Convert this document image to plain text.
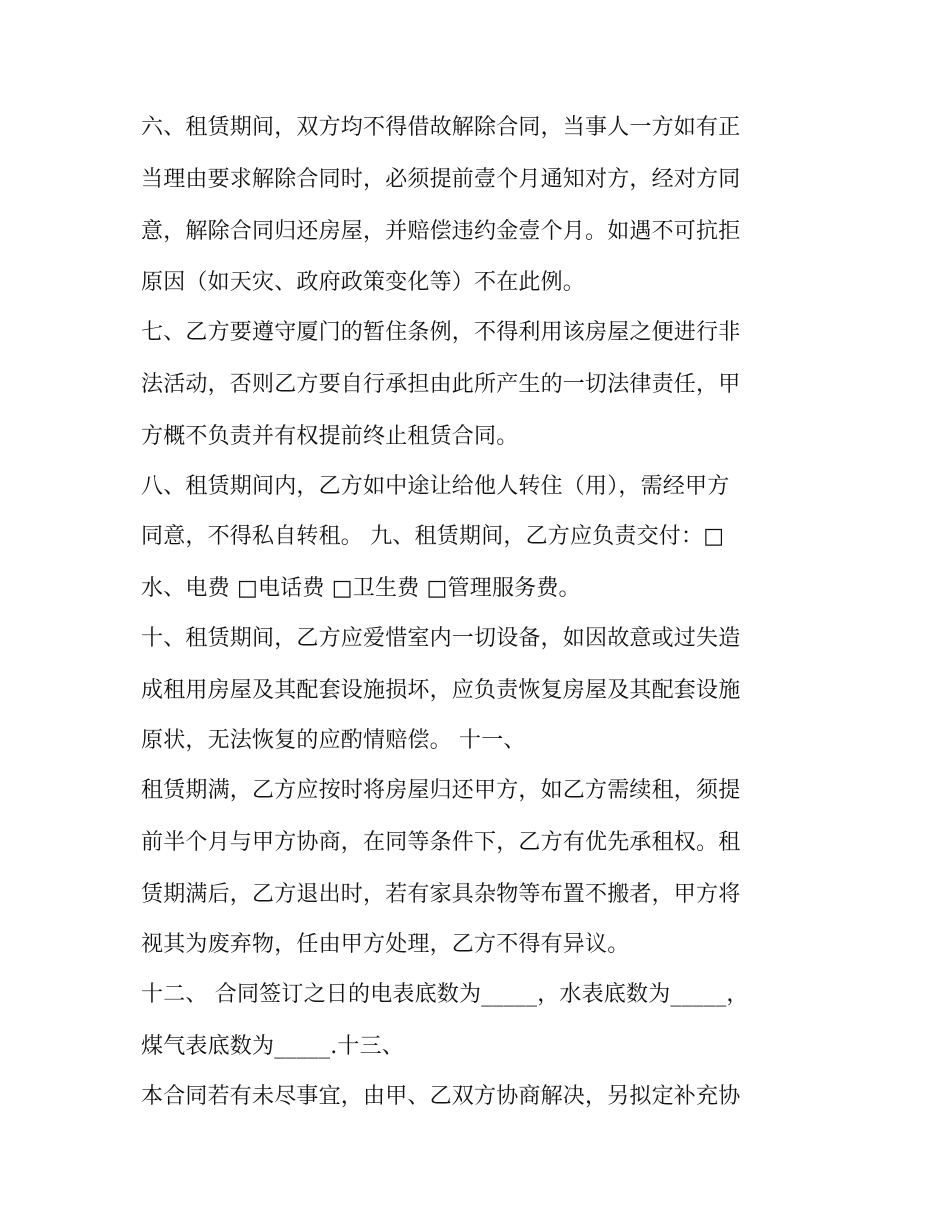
六、租赁期间，双方均不得借故解除合同，当事人一方如有正
当理由要求解除合同时，必须提前壹个月通知对方，经对方同
意，解除合同归还房屋，并赔偿违约金壹个月。如遇不可抗拒
原因（如天灾、政府政策变化等）不在此例。
七、乙方要遵守厦门的暂住条例，不得利用该房屋之便进行非
法活动，否则乙方要自行承担由此所产生的一切法律责任，甲
方概不负责并有权提前终止租赁合同。
八、租赁期间内，乙方如中途让给他人转住（用），需经甲方
同意，不得私自转租。 九、租赁期间，乙方应负责交付：□
水、电费 □电话费 □卫生费 □管理服务费。
十、租赁期间，乙方应爱惜室内一切设备，如因故意或过失造
成租用房屋及其配套设施损坏，应负责恢复房屋及其配套设施
原状，无法恢复的应酌情赔偿。 十一、
租赁期满，乙方应按时将房屋归还甲方，如乙方需续租，须提
前半个月与甲方协商，在同等条件下，乙方有优先承租权。租
赁期满后，乙方退出时，若有家具杂物等布置不搬者，甲方将
视其为废弃物，任由甲方处理，乙方不得有异议。
十二、 合同签订之日的电表底数为_____，水表底数为_____，
煤气表底数为_____.十三、
本合同若有未尽事宜，由甲、乙双方协商解决，另拟定补充协
